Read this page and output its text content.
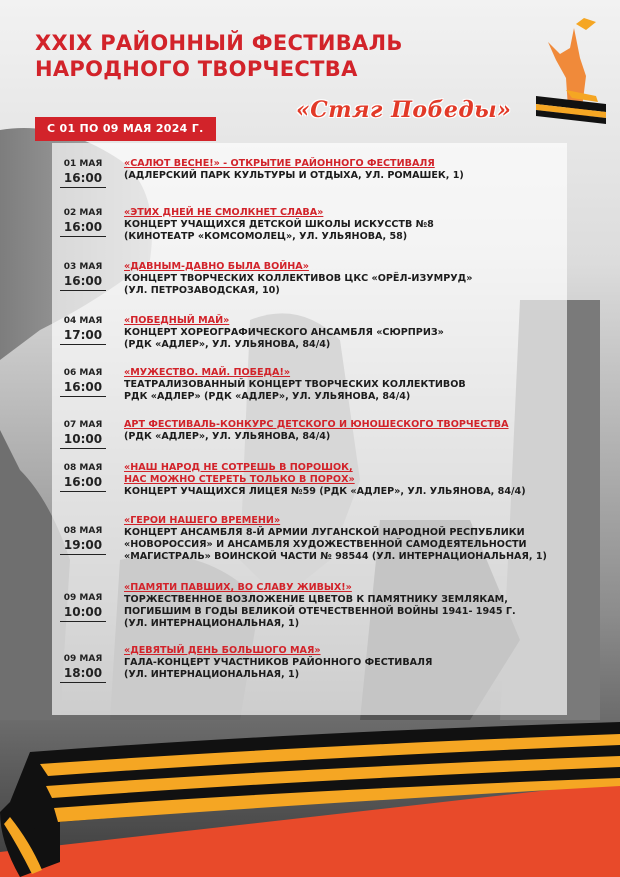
XXIX РАЙОННЫЙ ФЕСТИВАЛЬ
НАРОДНОГО ТВОРЧЕСТВА
«Стяг Победы»
С 01 ПО 09 МАЯ 2024 Г.
01 МАЯ
16:00
«САЛЮТ ВЕСНЕ!» - ОТКРЫТИЕ РАЙОННОГО ФЕСТИВАЛЯ
(АДЛЕРСКИЙ ПАРК КУЛЬТУРЫ И ОТДЫХА, УЛ. РОМАШЕК, 1)
02 МАЯ
16:00
«ЭТИХ ДНЕЙ НЕ СМОЛКНЕТ СЛАВА»
КОНЦЕРТ УЧАЩИХСЯ ДЕТСКОЙ ШКОЛЫ ИСКУССТВ №8
(КИНОТЕАТР «КОМСОМОЛЕЦ», УЛ. УЛЬЯНОВА, 58)
03 МАЯ
16:00
«ДАВНЫМ-ДАВНО БЫЛА ВОЙНА»
КОНЦЕРТ ТВОРЧЕСКИХ КОЛЛЕКТИВОВ ЦКС «ОРЁЛ-ИЗУМРУД»
(УЛ. ПЕТРОЗАВОДСКАЯ, 10)
04 МАЯ
17:00
«ПОБЕДНЫЙ МАЙ»
КОНЦЕРТ ХОРЕОГРАФИЧЕСКОГО АНСАМБЛЯ «СЮРПРИЗ»
(РДК «АДЛЕР», УЛ. УЛЬЯНОВА, 84/4)
06 МАЯ
16:00
«МУЖЕСТВО. МАЙ. ПОБЕДА!»
ТЕАТРАЛИЗОВАННЫЙ КОНЦЕРТ ТВОРЧЕСКИХ КОЛЛЕКТИВОВ
РДК «АДЛЕР» (РДК «АДЛЕР», УЛ. УЛЬЯНОВА, 84/4)
07 МАЯ
10:00
АРТ ФЕСТИВАЛЬ-КОНКУРС ДЕТСКОГО И ЮНОШЕСКОГО ТВОРЧЕСТВА
(РДК «АДЛЕР», УЛ. УЛЬЯНОВА, 84/4)
08 МАЯ
16:00
«НАШ НАРОД НЕ СОТРЕШЬ В ПОРОШОК,
НАС МОЖНО СТЕРЕТЬ ТОЛЬКО В ПОРОХ»
КОНЦЕРТ УЧАЩИХСЯ ЛИЦЕЯ №59 (РДК «АДЛЕР», УЛ. УЛЬЯНОВА, 84/4)
08 МАЯ
19:00
«ГЕРОИ НАШЕГО ВРЕМЕНИ»
КОНЦЕРТ АНСАМБЛЯ 8-Й АРМИИ ЛУГАНСКОЙ НАРОДНОЙ РЕСПУБЛИКИ
«НОВОРОССИЯ» И АНСАМБЛЯ ХУДОЖЕСТВЕННОЙ САМОДЕЯТЕЛЬНОСТИ
«МАГИСТРАЛЬ» ВОИНСКОЙ ЧАСТИ № 98544 (УЛ. ИНТЕРНАЦИОНАЛЬНАЯ, 1)
09 МАЯ
10:00
«ПАМЯТИ ПАВШИХ, ВО СЛАВУ ЖИВЫХ!»
ТОРЖЕСТВЕННОЕ ВОЗЛОЖЕНИЕ ЦВЕТОВ К ПАМЯТНИКУ ЗЕМЛЯКАМ,
ПОГИБШИМ В ГОДЫ ВЕЛИКОЙ ОТЕЧЕСТВЕННОЙ ВОЙНЫ 1941- 1945 Г.
(УЛ. ИНТЕРНАЦИОНАЛЬНАЯ, 1)
09 МАЯ
18:00
«ДЕВЯТЫЙ ДЕНЬ БОЛЬШОГО МАЯ»
ГАЛА-КОНЦЕРТ УЧАСТНИКОВ РАЙОННОГО ФЕСТИВАЛЯ
(УЛ. ИНТЕРНАЦИОНАЛЬНАЯ, 1)
